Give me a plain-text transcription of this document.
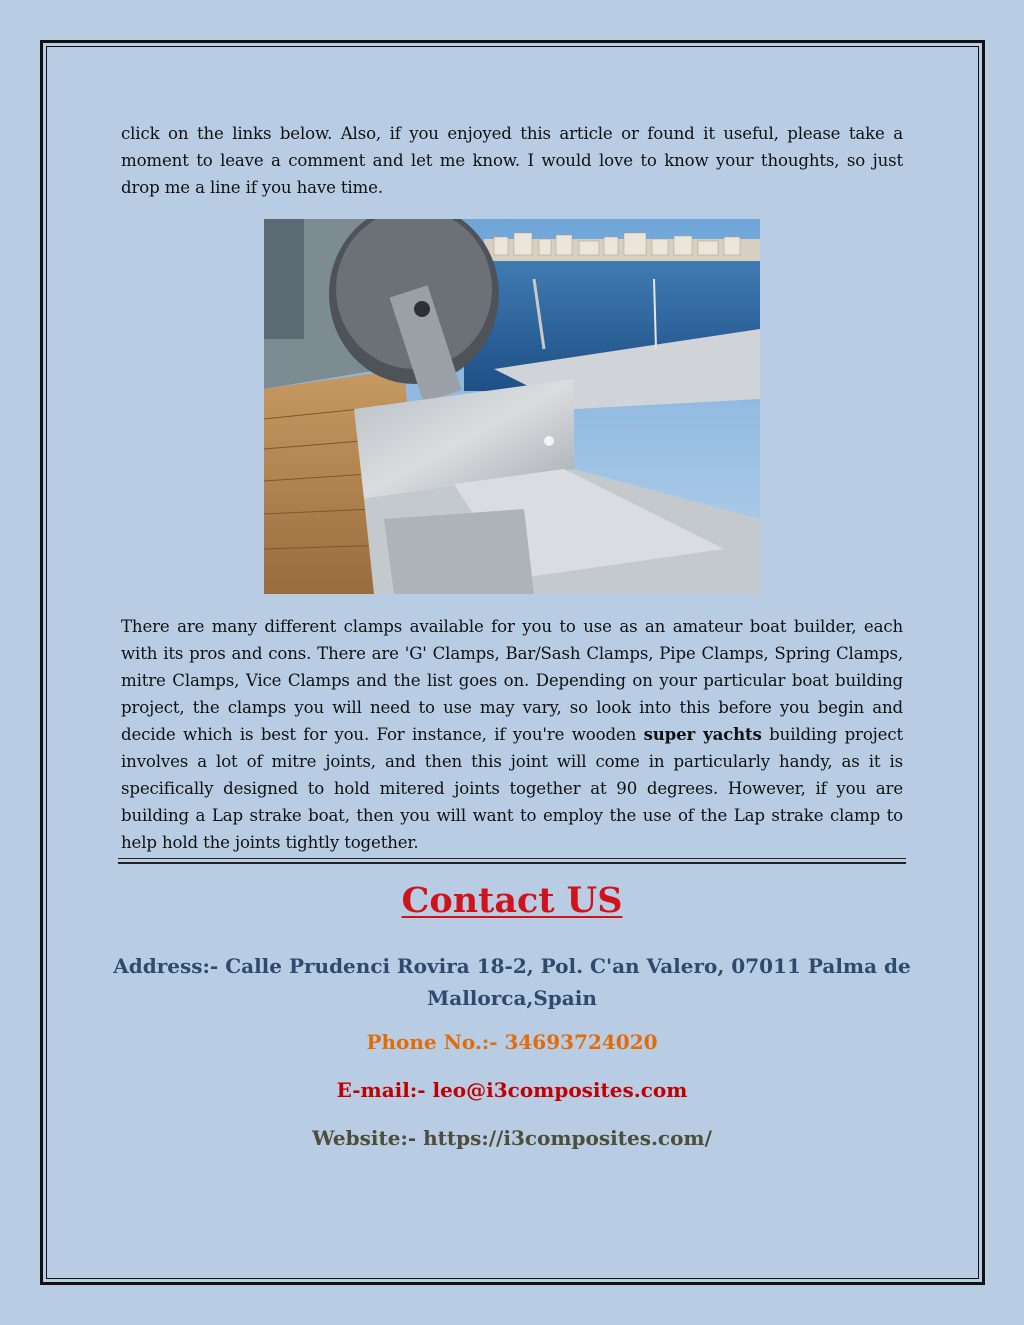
click on the links below. Also, if you enjoyed this article or found it useful, please take a moment to leave a comment and let me know. I would love to know your thoughts, so just drop me a line if you have time.

There are many different clamps available for you to use as an amateur boat builder, each with its pros and cons. There are 'G' Clamps, Bar/Sash Clamps, Pipe Clamps, Spring Clamps, mitre Clamps, Vice Clamps and the list goes on. Depending on your particular boat building project, the clamps you will need to use may vary, so look into this before you begin and decide which is best for you. For instance, if you're wooden super yachts building project involves a lot of mitre joints, and then this joint will come in particularly handy, as it is specifically designed to hold mitered joints together at 90 degrees. However, if you are building a Lap strake boat, then you will want to employ the use of the Lap strake clamp to help hold the joints tightly together.

Contact US
Address:- Calle Prudenci Rovira 18-2, Pol. C'an Valero, 07011 Palma de Mallorca,Spain
Phone No.:- 34693724020
E-mail:- leo@i3composites.com
Website:- https://i3composites.com/
